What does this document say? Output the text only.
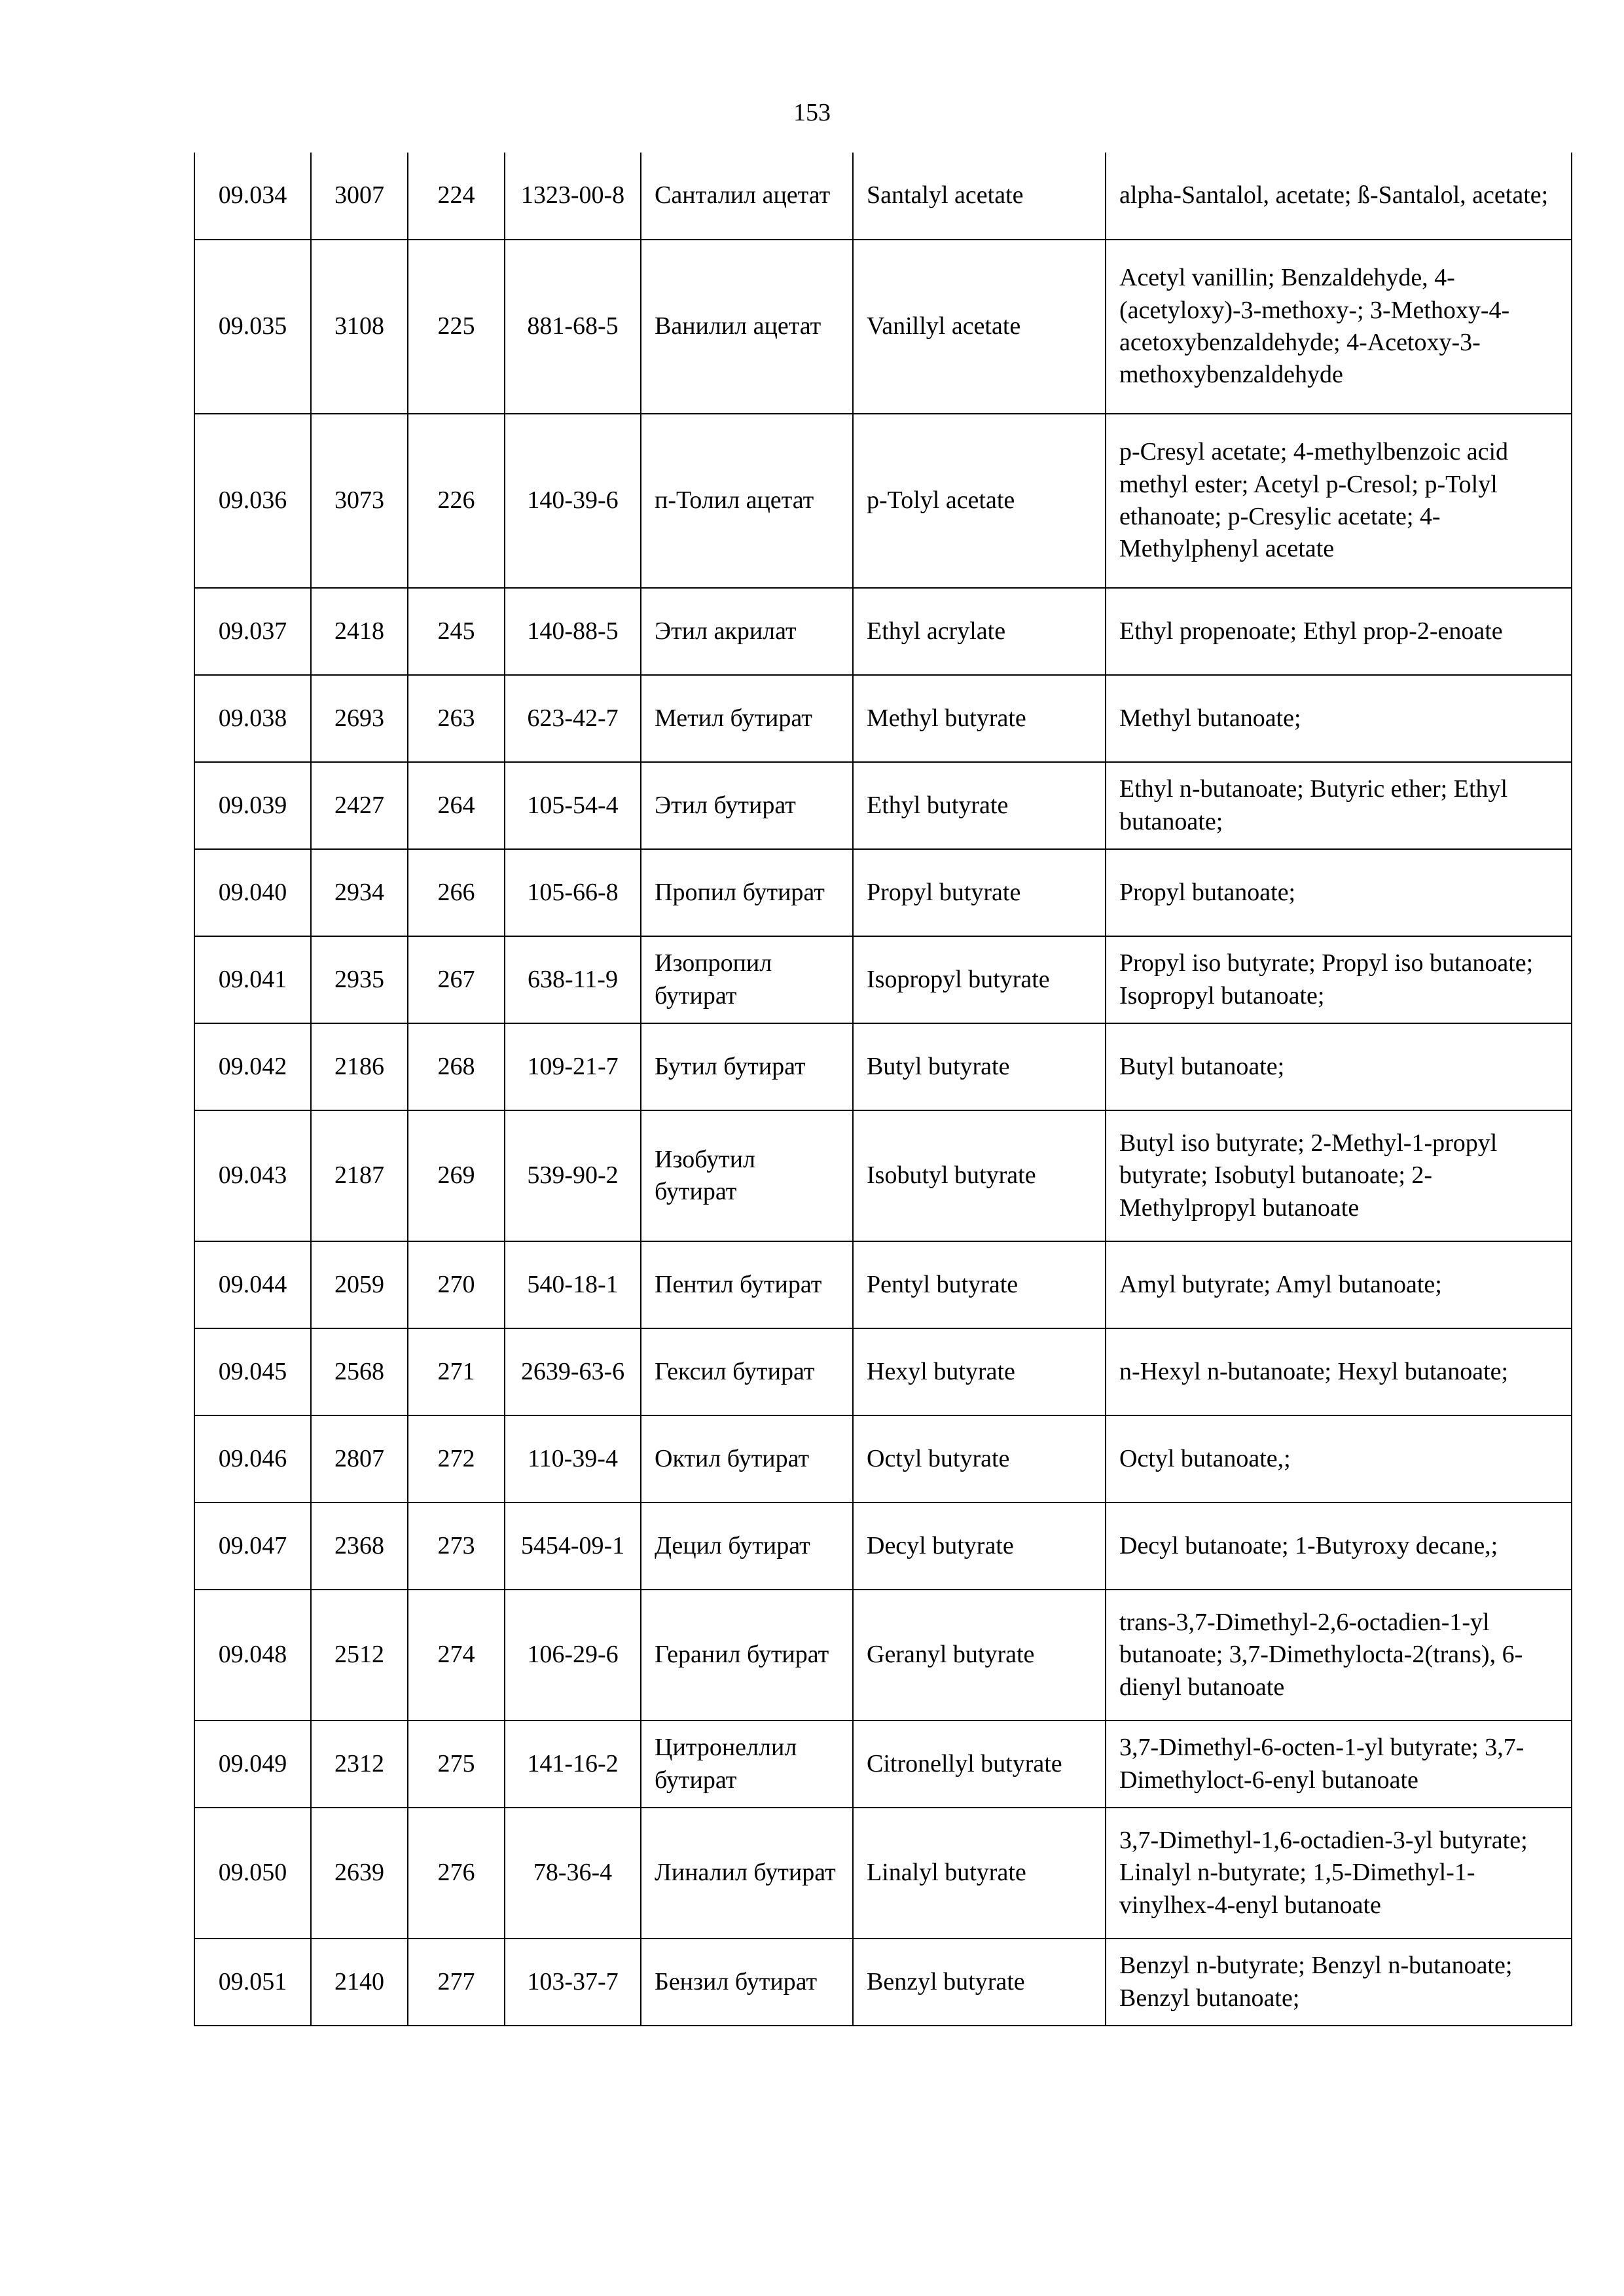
153
09.034	3007	224	1323-00-8	Санталил ацетат	Santalyl acetate	alpha-Santalol, acetate; ß-Santalol, acetate;
09.035	3108	225	881-68-5	Ванилил ацетат	Vanillyl acetate	Acetyl vanillin; Benzaldehyde, 4-(acetyloxy)-3-methoxy-; 3-Methoxy-4-acetoxybenzaldehyde; 4-Acetoxy-3-methoxybenzaldehyde
09.036	3073	226	140-39-6	п-Толил ацетат	p-Tolyl acetate	p-Cresyl acetate; 4-methylbenzoic acid methyl ester; Acetyl p-Cresol; p-Tolyl ethanoate; p-Cresylic acetate; 4-Methylphenyl acetate
09.037	2418	245	140-88-5	Этил акрилат	Ethyl acrylate	Ethyl propenoate; Ethyl prop-2-enoate
09.038	2693	263	623-42-7	Метил бутират	Methyl butyrate	Methyl butanoate;
09.039	2427	264	105-54-4	Этил бутират	Ethyl butyrate	Ethyl n-butanoate; Butyric ether; Ethyl butanoate;
09.040	2934	266	105-66-8	Пропил бутират	Propyl butyrate	Propyl butanoate;
09.041	2935	267	638-11-9	Изопропил бутират	Isopropyl butyrate	Propyl iso butyrate; Propyl iso butanoate; Isopropyl butanoate;
09.042	2186	268	109-21-7	Бутил бутират	Butyl butyrate	Butyl butanoate;
09.043	2187	269	539-90-2	Изобутил бутират	Isobutyl butyrate	Butyl iso butyrate; 2-Methyl-1-propyl butyrate; Isobutyl butanoate; 2-Methylpropyl butanoate
09.044	2059	270	540-18-1	Пентил бутират	Pentyl butyrate	Amyl butyrate; Amyl butanoate;
09.045	2568	271	2639-63-6	Гексил бутират	Hexyl butyrate	n-Hexyl n-butanoate; Hexyl butanoate;
09.046	2807	272	110-39-4	Октил бутират	Octyl butyrate	Octyl butanoate,;
09.047	2368	273	5454-09-1	Децил бутират	Decyl butyrate	Decyl butanoate; 1-Butyroxy decane,;
09.048	2512	274	106-29-6	Геранил бутират	Geranyl butyrate	trans-3,7-Dimethyl-2,6-octadien-1-yl butanoate; 3,7-Dimethylocta-2(trans), 6-dienyl butanoate
09.049	2312	275	141-16-2	Цитронеллил бутират	Citronellyl butyrate	3,7-Dimethyl-6-octen-1-yl butyrate; 3,7-Dimethyloct-6-enyl butanoate
09.050	2639	276	78-36-4	Линалил бутират	Linalyl butyrate	3,7-Dimethyl-1,6-octadien-3-yl butyrate; Linalyl n-butyrate; 1,5-Dimethyl-1-vinylhex-4-enyl butanoate
09.051	2140	277	103-37-7	Бензил бутират	Benzyl butyrate	Benzyl n-butyrate; Benzyl n-butanoate; Benzyl butanoate;
